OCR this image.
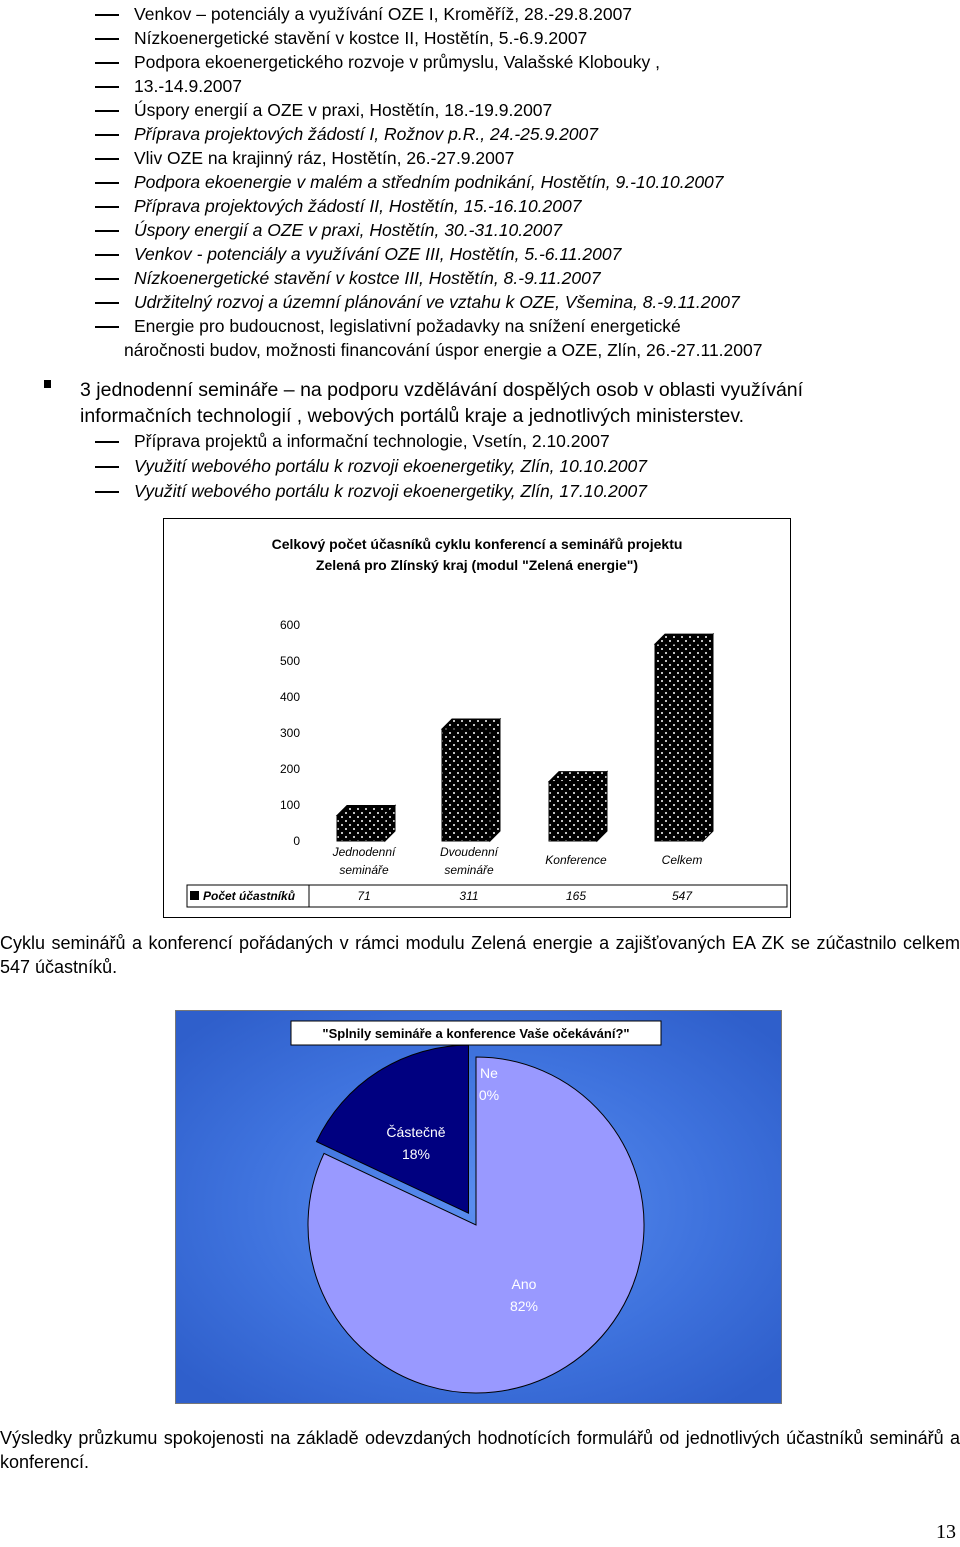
Venkov – potenciály a využívání OZE I, Kroměříž, 28.-29.8.2007
Nízkoenergetické stavění v kostce II, Hostětín, 5.-6.9.2007
Podpora ekoenergetického rozvoje v průmyslu, Valašské Klobouky ,
13.-14.9.2007
Úspory energií a OZE v praxi, Hostětín, 18.-19.9.2007
Příprava projektových žádostí I, Rožnov p.R., 24.-25.9.2007
Vliv OZE na krajinný ráz, Hostětín, 26.-27.9.2007
Podpora ekoenergie v malém a středním podnikání, Hostětín, 9.-10.10.2007
Příprava projektových žádostí II, Hostětín, 15.-16.10.2007
Úspory energií a OZE v praxi, Hostětín, 30.-31.10.2007
Venkov - potenciály a využívání OZE III, Hostětín, 5.-6.11.2007
Nízkoenergetické stavění v kostce III, Hostětín, 8.-9.11.2007
Udržitelný rozvoj a územní plánování ve vztahu k OZE, Všemina, 8.-9.11.2007
Energie pro budoucnost, legislativní požadavky na snížení energetické
náročnosti budov, možnosti financování úspor energie a OZE, Zlín, 26.-27.11.2007
3 jednodenní semináře – na podporu vzdělávání dospělých osob v oblasti využívání
informačních technologií , webových portálů kraje a jednotlivých ministerstev.
Příprava projektů a informační technologie, Vsetín, 2.10.2007
Využití webového portálu k rozvoji ekoenergetiky, Zlín, 10.10.2007
Využití webového portálu k rozvoji ekoenergetiky, Zlín, 17.10.2007
Celkový počet účasníků cyklu konferencí a seminářů projektu
Zelená pro Zlínský kraj (modul "Zelená energie")
600
500
400
300
200
100
0
Jednodenní
semináře
Dvoudenní
semináře
Konference	Celkem
Počet účastníků	71	311	165	547
Cyklu seminářů a konferencí pořádaných v rámci modulu Zelená energie a zajišťovaných EA ZK se zúčastnilo celkem 547 účastníků.
"Splnily semináře a konference Vaše očekávání?"
Ano
82%
Částečně
18%
Ne
0%
Výsledky průzkumu spokojenosti na základě odevzdaných hodnotících formulářů od jednotlivých účastníků seminářů a konferencí.
13
